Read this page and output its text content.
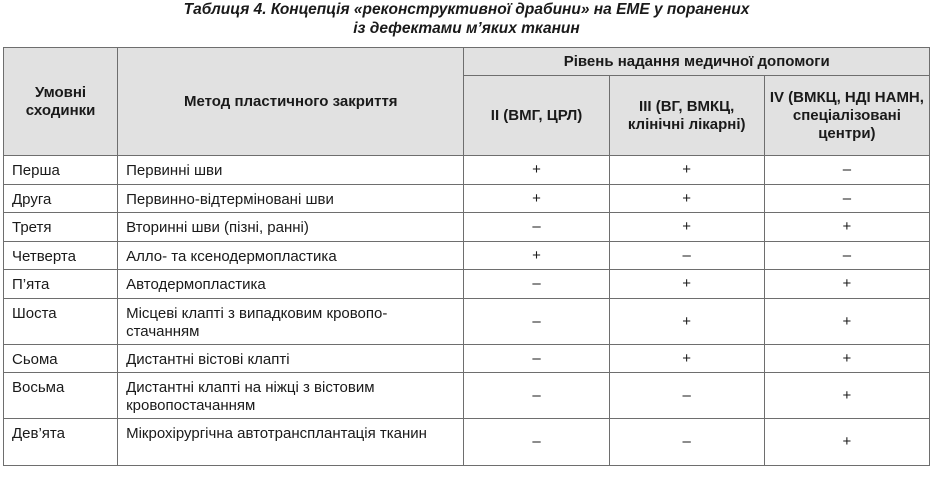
Таблиця 4. Концепція «реконструктивної драбини» на ЕМЕ у поранених
із дефектами м’яких тканин
Умовні сходинки	Метод пластичного закриття	Рівень надання медичної допомоги		
		II (ВМГ, ЦРЛ)	III (ВГ, ВМКЦ, клінічні лікарні)	IV (ВМКЦ, НДІ НАМН, спеціалізовані центри)
Перша	Первинні шви	+	+	–
Друга	Первинно-відтерміновані шви	+	+	–
Третя	Вторинні шви (пізні, ранні)	–	+	+
Четверта	Алло- та ксенодермопластика	+	–	–
П’ята	Автодермопластика	–	+	+
Шоста	Місцеві клапті з випадковим кровопо-стачанням	–	+	+
Сьома	Дистантні вістові клапті	–	+	+
Восьма	Дистантні клапті на ніжці з вістовим кровопостачанням	–	–	+
Дев’ята	Мікрохірургічна автотрансплантація тканин	–	–	+
